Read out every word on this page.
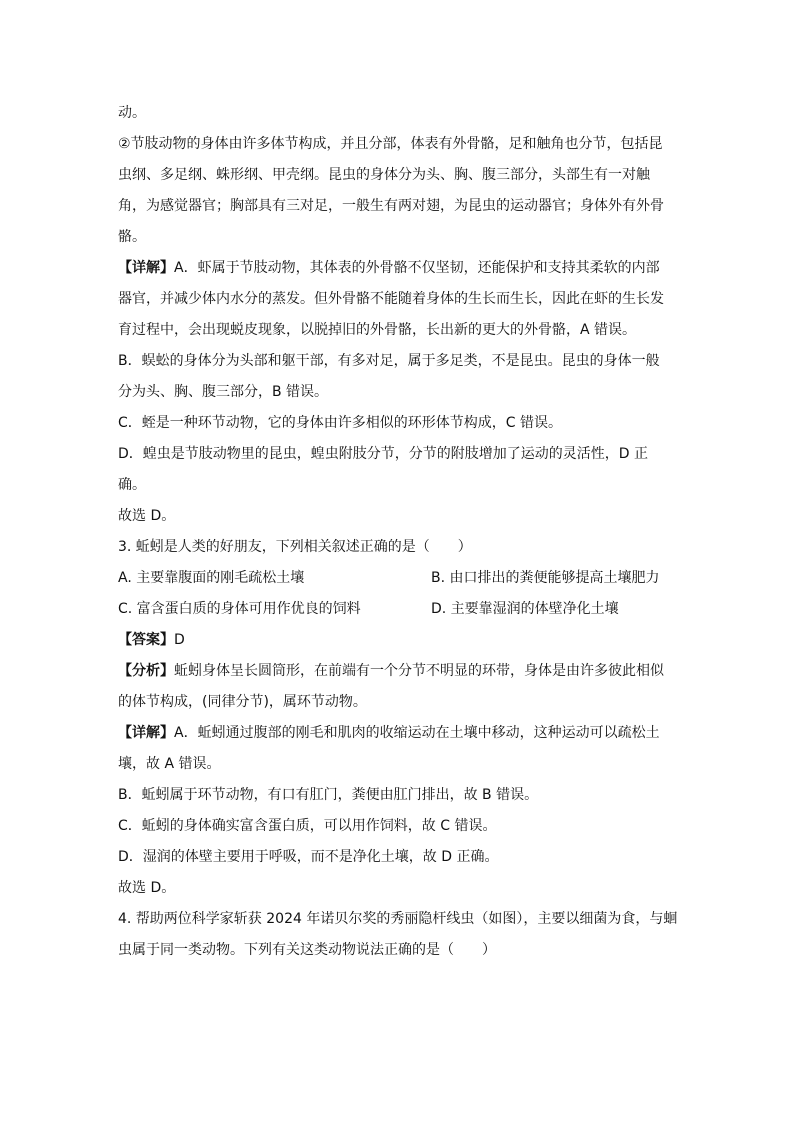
动。

②节肢动物的身体由许多体节构成，并且分部，体表有外骨骼，足和触角也分节，包括昆

虫纲、多足纲、蛛形纲、甲壳纲。昆虫的身体分为头、胸、腹三部分，头部生有一对触

角，为感觉器官；胸部具有三对足，一般生有两对翅，为昆虫的运动器官；身体外有外骨

骼。

【详解】A．虾属于节肢动物，其体表的外骨骼不仅坚韧，还能保护和支持其柔软的内部

器官，并减少体内水分的蒸发。但外骨骼不能随着身体的生长而生长，因此在虾的生长发

育过程中，会出现蜕皮现象，以脱掉旧的外骨骼，长出新的更大的外骨骼，A 错误。

B．蜈蚣的身体分为头部和躯干部，有多对足，属于多足类，不是昆虫。昆虫的身体一般

分为头、胸、腹三部分，B 错误。

C．蛭是一种环节动物，它的身体由许多相似的环形体节构成，C 错误。

D．蝗虫是节肢动物里的昆虫，蝗虫附肢分节，分节的附肢增加了运动的灵活性，D 正

确。

故选 D。

3. 蚯蚓是人类的好朋友，下列相关叙述正确的是（　　）

A. 主要靠腹面的刚毛疏松土壤	B. 由口排出的粪便能够提高土壤肥力
C. 富含蛋白质的身体可用作优良的饲料	D. 主要靠湿润的体壁净化土壤

【答案】D

【分析】蚯蚓身体呈长圆筒形，在前端有一个分节不明显的环带，身体是由许多彼此相似

的体节构成，(同律分节)，属环节动物。

【详解】A．蚯蚓通过腹部的刚毛和肌肉的收缩运动在土壤中移动，这种运动可以疏松土

壤，故 A 错误。

B．蚯蚓属于环节动物，有口有肛门，粪便由肛门排出，故 B 错误。

C．蚯蚓的身体确实富含蛋白质，可以用作饲料，故 C 错误。

D．湿润的体壁主要用于呼吸，而不是净化土壤，故 D 正确。

故选 D。

4. 帮助两位科学家斩获 2024 年诺贝尔奖的秀丽隐杆线虫（如图），主要以细菌为食，与蛔

虫属于同一类动物。下列有关这类动物说法正确的是（　　）
